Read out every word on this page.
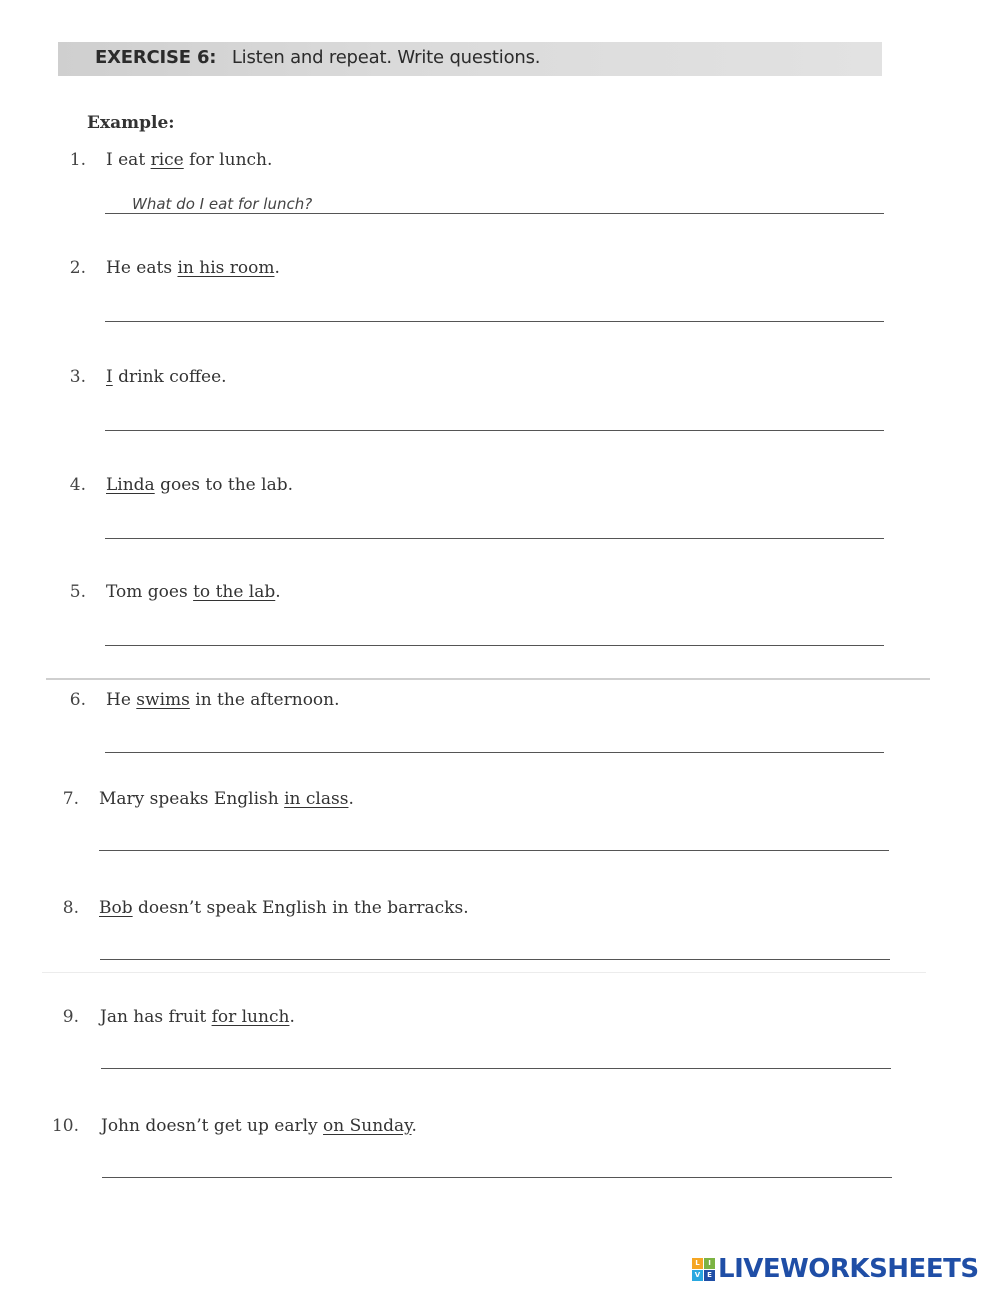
EXERCISE 6: Listen and repeat. Write questions.
Example:
1. I eat rice for lunch.
2. He eats in his room.
3. I drink coffee.
4. Linda goes to the lab.
5. Tom goes to the lab.
6. He swims in the afternoon.
7. Mary speaks English in class.
8. Bob doesn’t speak English in the barracks.
9. Jan has fruit for lunch.
10. John doesn’t get up early on Sunday.
What do I eat for lunch?
L	I
V E LIVEWORKSHEETS
